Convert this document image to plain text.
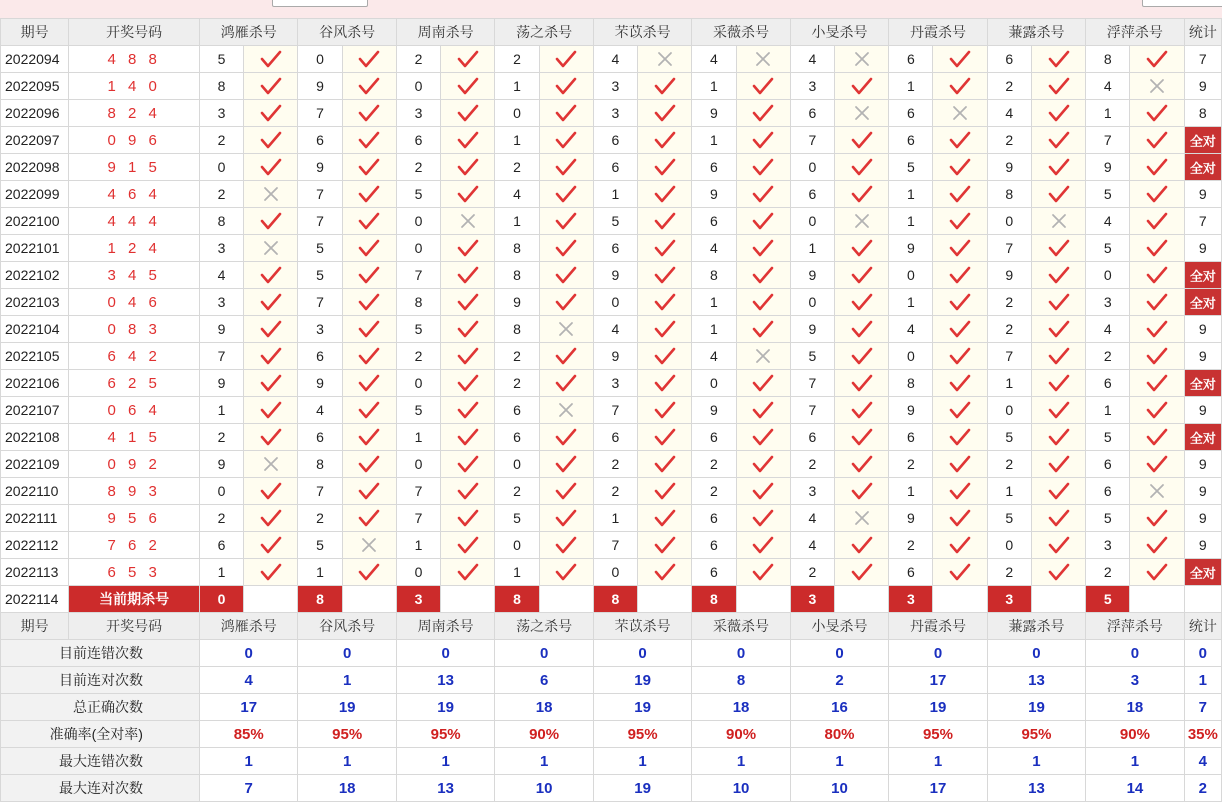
期号	开奖号码	鸿雁杀号		谷风杀号		周南杀号		荡之杀号		芣苡杀号		采薇杀号		小旻杀号		丹霞杀号		蒹露杀号		浮萍杀号		统计
2022094	4 8 8	5		0		2		2		4		4		4		6		6		8		7
2022095	1 4 0	8		9		0		1		3		1		3		1		2		4		9
2022096	8 2 4	3		7		3		0		3		9		6		6		4		1		8
2022097	0 9 6	2		6		6		1		6		1		7		6		2		7		全对
2022098	9 1 5	0		9		2		2		6		6		0		5		9		9		全对
2022099	4 6 4	2		7		5		4		1		9		6		1		8		5		9
2022100	4 4 4	8		7		0		1		5		6		0		1		0		4		7
2022101	1 2 4	3		5		0		8		6		4		1		9		7		5		9
2022102	3 4 5	4		5		7		8		9		8		9		0		9		0		全对
2022103	0 4 6	3		7		8		9		0		1		0		1		2		3		全对
2022104	0 8 3	9		3		5		8		4		1		9		4		2		4		9
2022105	6 4 2	7		6		2		2		9		4		5		0		7		2		9
2022106	6 2 5	9		9		0		2		3		0		7		8		1		6		全对
2022107	0 6 4	1		4		5		6		7		9		7		9		0		1		9
2022108	4 1 5	2		6		1		6		6		6		6		6		5		5		全对
2022109	0 9 2	9		8		0		0		2		2		2		2		2		6		9
2022110	8 9 3	0		7		7		2		2		2		3		1		1		6		9
2022111	9 5 6	2		2		7		5		1		6		4		9		5		5		9
2022112	7 6 2	6		5		1		0		7		6		4		2		0		3		9
2022113	6 5 3	1		1		0		1		0		6		2		6		2		2		全对
2022114	当前期杀号	0		8		3		8		8		8		3		3		3		5		
期号	开奖号码	鸿雁杀号		谷风杀号		周南杀号		荡之杀号		芣苡杀号		采薇杀号		小旻杀号		丹霞杀号		蒹露杀号		浮萍杀号		统计
目前连错次数		0		0		0		0		0		0		0		0		0		0		0
目前连对次数		4		1		13		6		19		8		2		17		13		3		1
总正确次数		17		19		19		18		19		18		16		19		19		18		7
准确率(全对率)		85%		95%		95%		90%		95%		90%		80%		95%		95%		90%		35%
最大连错次数		1		1		1		1		1		1		1		1		1		1		4
最大连对次数		7		18		13		10		19		10		10		17		13		14		2
